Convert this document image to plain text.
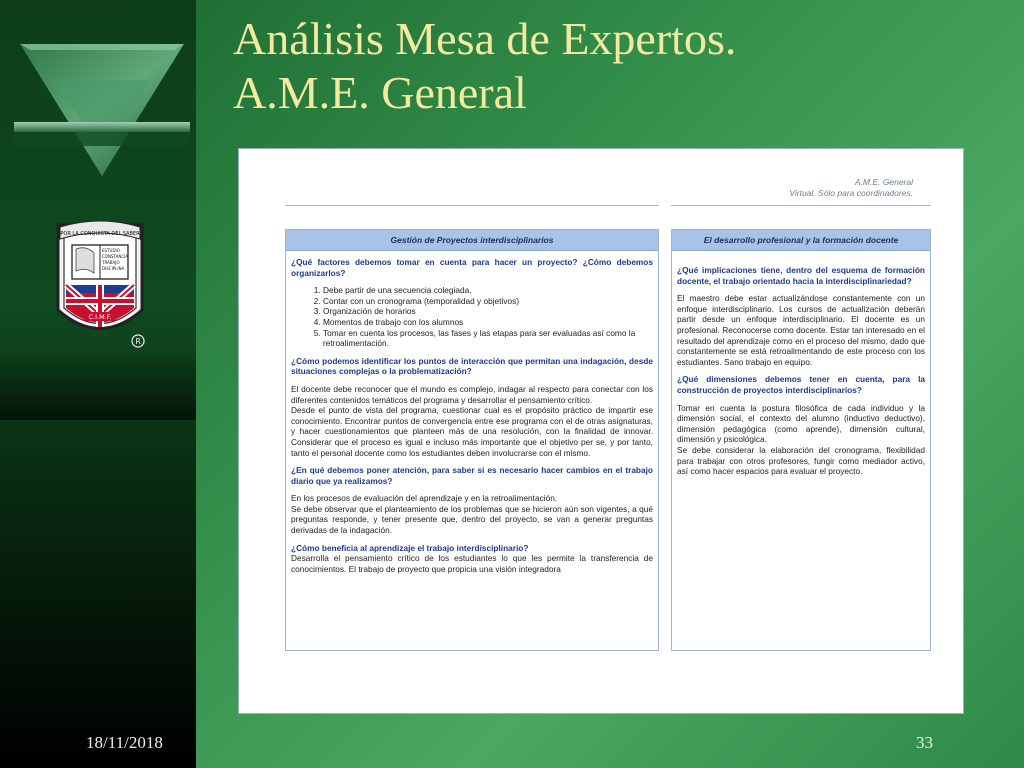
POR LA CONQUISTA DEL SABER
ESTUDIO
CONSTANCIA
TRABAJO
DISCIPLINA
C.I.M.F.
R
Análisis Mesa de Expertos.
A.M.E. General
A.M.E. General
Virtual. Sólo para coordinadores.
Gestión de Proyectos interdisciplinarios

¿Qué factores debemos tomar en cuenta para hacer un proyecto? ¿Cómo debemos organizarlos?

1. Debe partir de una secuencia colegiada.
2. Contar con un cronograma (temporalidad y objetivos)
3. Organización de horarios
4. Momentos de trabajo con los alumnos
5. Tomar en cuenta los procesos, las fases y las etapas para ser evaluadas así como la retroalimentación.

¿Cómo podemos identificar los puntos de interacción que permitan una indagación, desde situaciones complejas o la problematización?

El docente debe reconocer que el mundo es complejo, indagar al respecto para conectar con los diferentes contenidos temáticos del programa y desarrollar el pensamiento crítico.

Desde el punto de vista del programa, cuestionar cual es el propósito práctico de impartir ese conocimiento. Encontrar puntos de convergencia entre ese programa con el de otras asignaturas, y hacer cuestionamientos que planteen más de una resolución, con la finalidad de innovar. Considerar que el proceso es igual e incluso más importante que el objetivo per se, y por tanto, tanto el personal docente como los estudiantes deben involucrarse con el mismo.

¿En qué debemos poner atención, para saber si es necesario hacer cambios en el trabajo diario que ya realizamos?

En los procesos de evaluación del aprendizaje y en la retroalimentación.

Se debe observar que el planteamiento de los problemas que se hicieron aún son vigentes, a qué preguntas responde, y tener presente que, dentro del proyecto, se van a generar preguntas derivadas de la indagación.

¿Cómo beneficia al aprendizaje el trabajo interdisciplinario?

Desarrolla el pensamiento crítico de los estudiantes lo que les permite la transferencia de conocimientos. El trabajo de proyecto que propicia una visión integradora

El desarrollo profesional y la formación docente

¿Qué implicaciones tiene, dentro del esquema de formación docente, el trabajo orientado hacia la interdisciplinariedad?

El maestro debe estar actualizándose constantemente con un enfoque interdisciplinario. Los cursos de actualización deberán partir desde un enfoque interdisciplinario. El docente es un profesional. Reconocerse como docente. Estar tan interesado en el resultado del aprendizaje como en el proceso del mismo, dado que constantemente se está retroalimentando de este proceso con los estudiantes. Sano trabajo en equipo.

¿Qué dimensiones debemos tener en cuenta, para la construcción de proyectos interdisciplinarios?

Tomar en cuenta la postura filosófica de cada individuo y la dimensión social, el contexto del alumno (inductivo deductivo), dimensión pedagógica (como aprende), dimensión cultural, dimensión y psicológica.

Se debe considerar la elaboración del cronograma, flexibilidad para trabajar con otros profesores, fungir como mediador activo, así como hacer espacios para evaluar el proyecto.

18/11/2018	33
